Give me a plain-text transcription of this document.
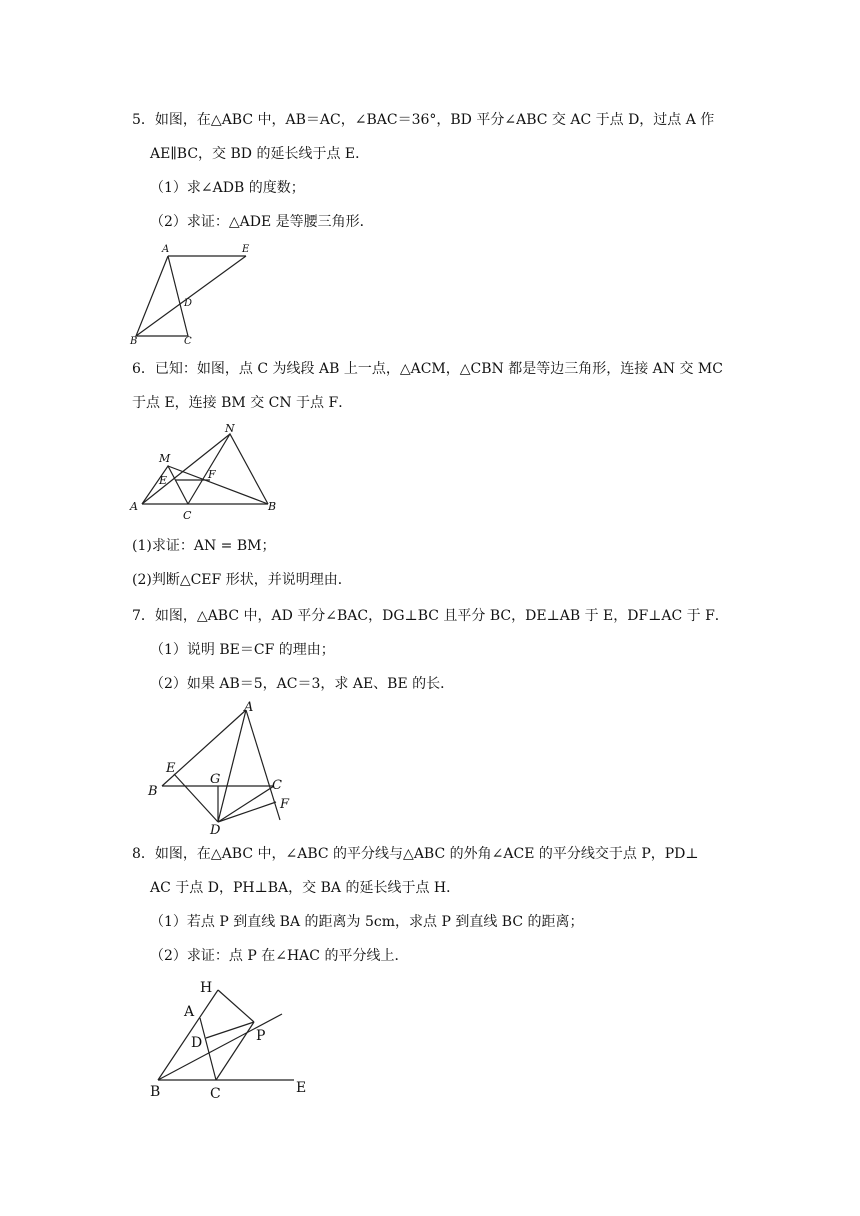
5．如图，在△ABC 中，AB＝AC，∠BAC＝36°，BD 平分∠ABC 交 AC 于点 D，过点 A 作
AE∥BC，交 BD 的延长线于点 E．
（1）求∠ADB 的度数；
（2）求证：△ADE 是等腰三角形．
A	E
D
B	C
6．已知：如图，点 C 为线段 AB 上一点，△ACM，△CBN 都是等边三角形，连接 AN 交 MC
于点 E，连接 BM 交 CN 于点 F．
N
M
E	F
A
C
B
(1)求证：AN = BM；
(2)判断△CEF 形状，并说明理由．
7．如图，△ABC 中，AD 平分∠BAC，DG⊥BC 且平分 BC，DE⊥AB 于 E，DF⊥AC 于 F．
（1）说明 BE＝CF 的理由；
（2）如果 AB＝5，AC＝3，求 AE、BE 的长．
A
E
G	C
B
F
D
8．如图，在△ABC 中，∠ABC 的平分线与△ABC 的外角∠ACE 的平分线交于点 P，PD⊥
AC 于点 D，PH⊥BA，交 BA 的延长线于点 H．
（1）若点 P 到直线 BA 的距离为 5cm，求点 P 到直线 BC 的距离；
（2）求证：点 P 在∠HAC 的平分线上．
H
A
D	P
B	C	E
